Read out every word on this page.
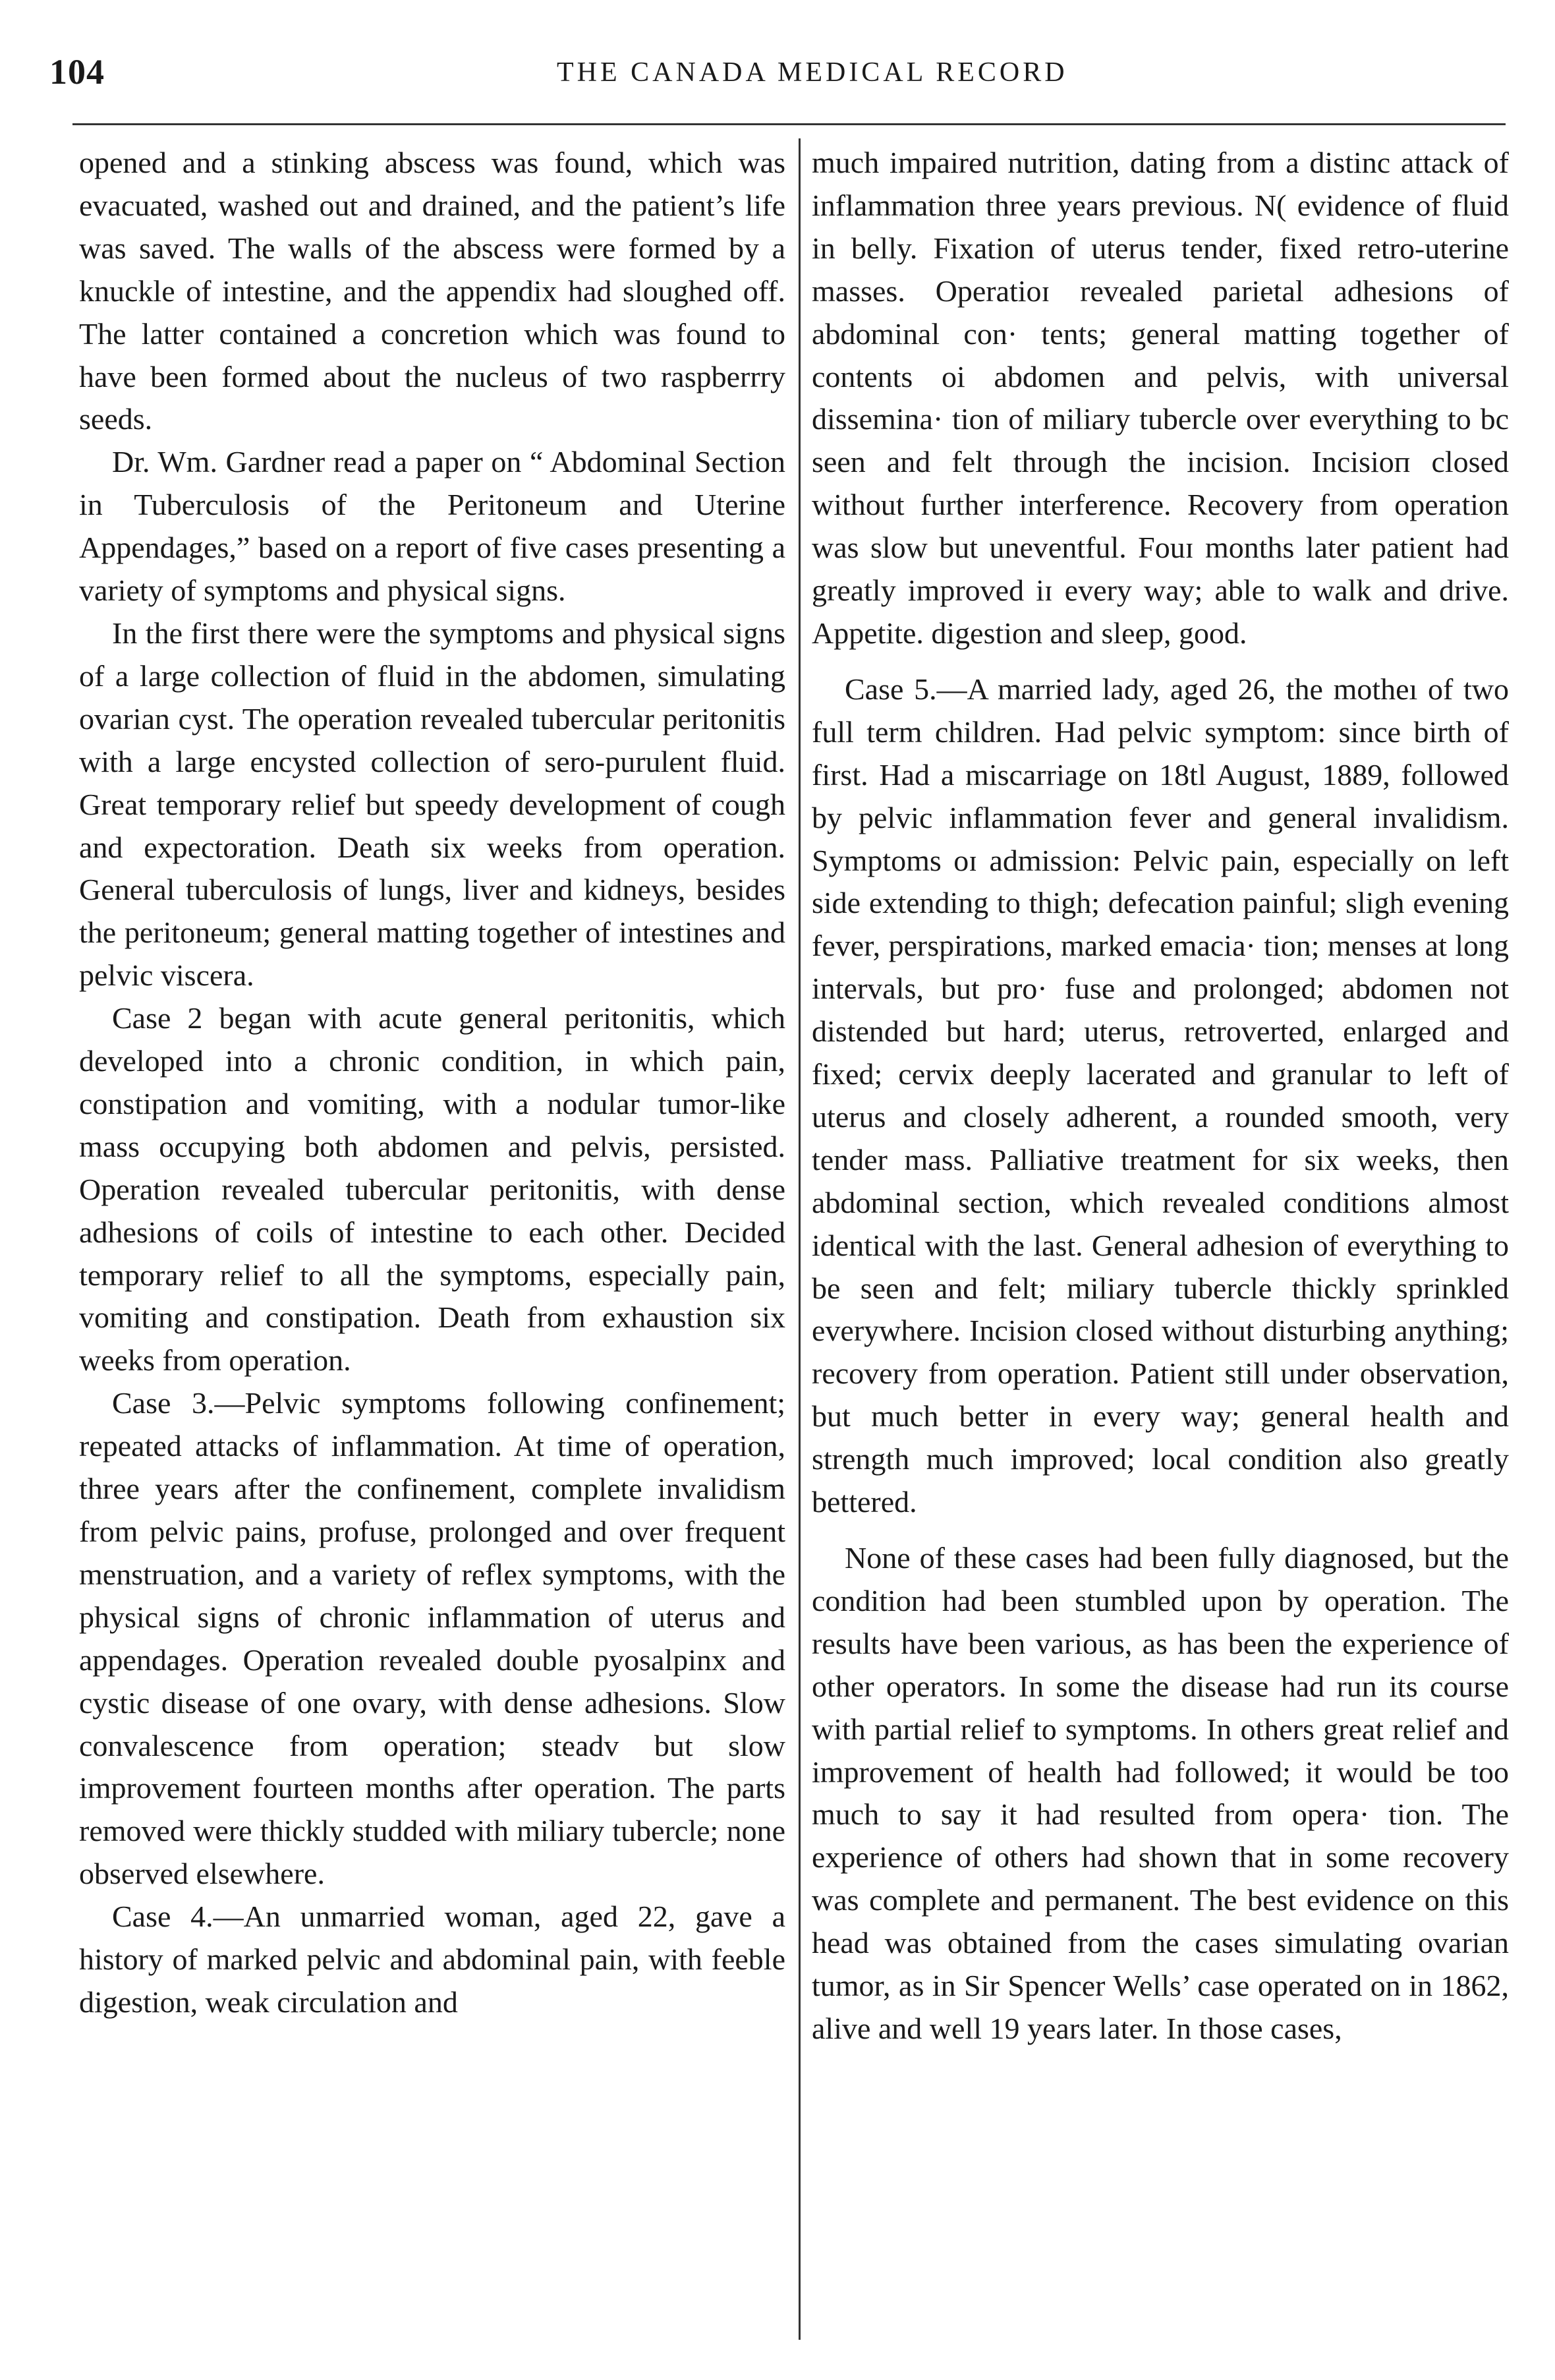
104	THE CANADA MEDICAL RECORD

opened and a stinking abscess was found, which was evacuated, washed out and drained, and the patient’s life was saved. The walls of the abscess were formed by a knuckle of intestine, and the appendix had sloughed off. The latter contained a concretion which was found to have been formed about the nucleus of two raspberrry seeds.

Dr. Wm. Gardner read a paper on “ Abdominal Section in Tuberculosis of the Peritoneum and Uterine Appendages,” based on a report of five cases presenting a variety of symptoms and physical signs.

In the first there were the symptoms and physical signs of a large collection of fluid in the abdomen, simulating ovarian cyst. The operation revealed tubercular peritonitis with a large encysted collection of sero-purulent fluid. Great temporary relief but speedy development of cough and expectoration. Death six weeks from operation. General tuberculosis of lungs, liver and kidneys, besides the peritoneum; general matting together of intestines and pelvic viscera.

Case 2 began with acute general peritonitis, which developed into a chronic condition, in which pain, constipation and vomiting, with a nodular tumor-like mass occupying both abdomen and pelvis, persisted. Operation revealed tubercular peritonitis, with dense adhesions of coils of intestine to each other. Decided temporary relief to all the symptoms, especially pain, vomiting and constipation. Death from exhaustion six weeks from operation.

Case 3.—Pelvic symptoms following confinement; repeated attacks of inflammation. At time of operation, three years after the confinement, complete invalidism from pelvic pains, profuse, prolonged and over frequent menstruation, and a variety of reflex symptoms, with the physical signs of chronic inflammation of uterus and appendages. Operation revealed double pyosalpinx and cystic disease of one ovary, with dense adhesions. Slow convalescence from operation; steadv but slow improvement fourteen months after operation. The parts removed were thickly studded with miliary tubercle; none observed elsewhere.

Case 4.—An unmarried woman, aged 22, gave a history of marked pelvic and abdominal pain, with feeble digestion, weak circulation and

much impaired nutrition, dating from a distinc attack of inflammation three years previous. N( evidence of fluid in belly. Fixation of uterus tender, fixed retro-uterine masses. Operatioɪ revealed parietal adhesions of abdominal con· tents; general matting together of contents oi abdomen and pelvis, with universal dissemina· tion of miliary tubercle over everything to bc seen and felt through the incision. Incisioп closed without further interference. Recovery from operation was slow but uneventful. Fouɪ months later patient had greatly improved iɪ every way; able to walk and drive. Appetite. digestion and sleep, good.

Case 5.—A married lady, aged 26, the motheı of two full term children. Had pelvic symptom: since birth of first. Had a miscarriage on 18tl August, 1889, followed by pelvic inflammation fever and general invalidism. Symptoms oɪ admission: Pelvic pain, especially on left side extending to thigh; defecation painful; sligh evening fever, perspirations, marked emacia· tion; menses at long intervals, but pro· fuse and prolonged; abdomen not distended but hard; uterus, retroverted, enlarged and fixed; cervix deeply lacerated and granular to left of uterus and closely adherent, a rounded smooth, very tender mass. Palliative treatment for six weeks, then abdominal section, which revealed conditions almost identical with the last. General adhesion of everything to be seen and felt; miliary tubercle thickly sprinkled everywhere. Incision closed without disturbing anything; recovery from operation. Patient still under observation, but much better in every way; general health and strength much improved; local condition also greatly bettered.

None of these cases had been fully diagnosed, but the condition had been stumbled upon by operation. The results have been various, as has been the experience of other operators. In some the disease had run its course with partial relief to symptoms. In others great relief and improvement of health had followed; it would be too much to say it had resulted from opera· tion. The experience of others had shown that in some recovery was complete and permanent. The best evidence on this head was obtained from the cases simulating ovarian tumor, as in Sir Spencer Wells’ case operated on in 1862, alive and well 19 years later. In those cases,
